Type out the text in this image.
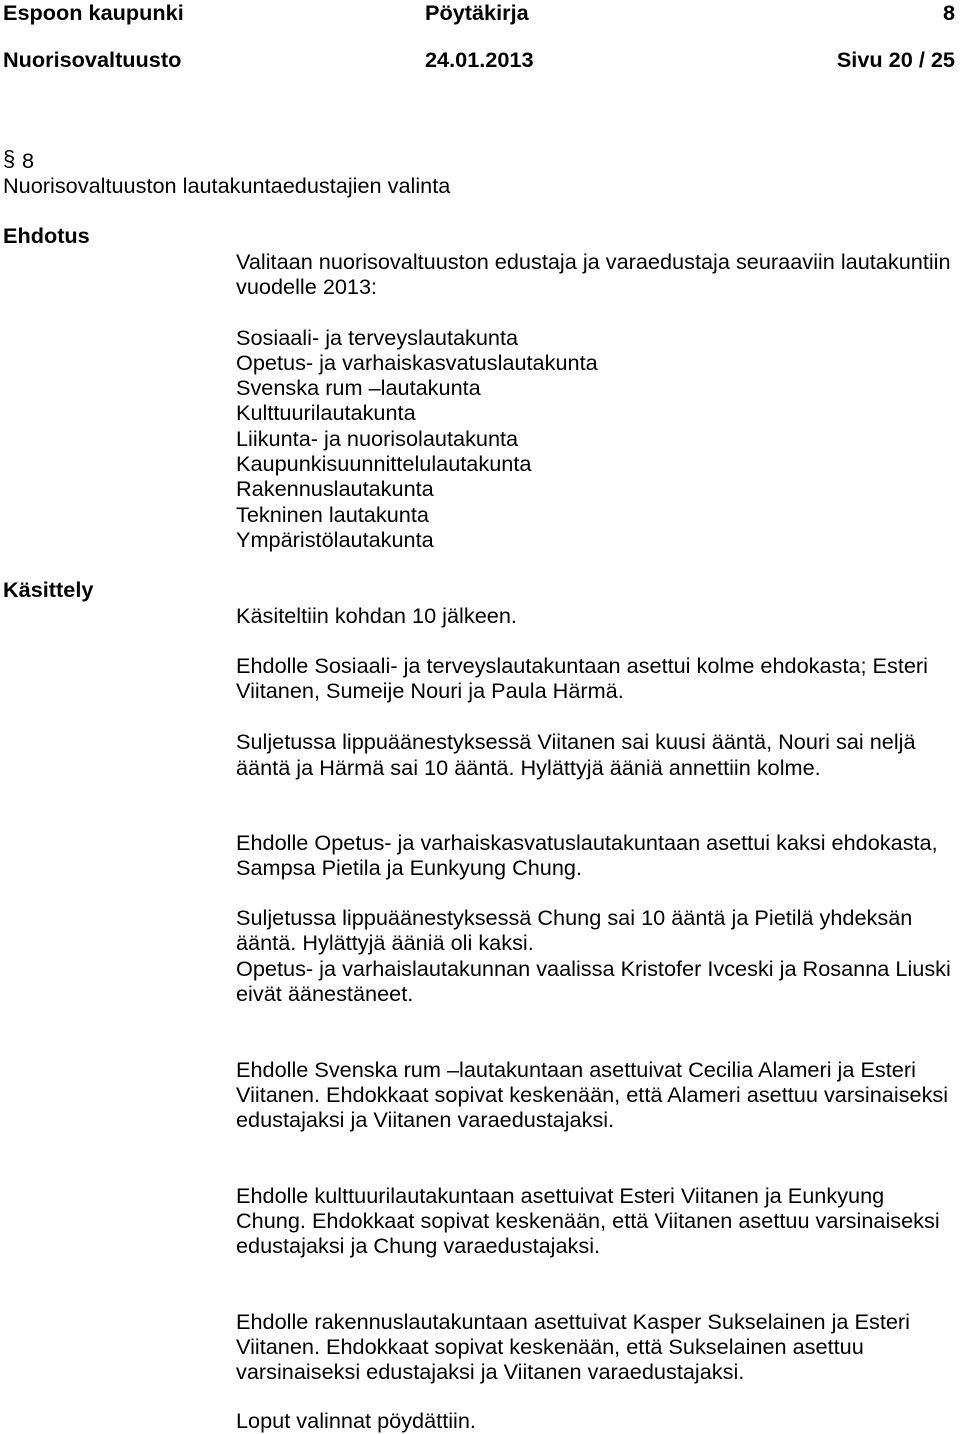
Espoon kaupunki	Pöytäkirja	8
Nuorisovaltuusto	24.01.2013	Sivu 20 / 25
§ 8
Nuorisovaltuuston lautakuntaedustajien valinta
Ehdotus
Valitaan nuorisovaltuuston edustaja ja varaedustaja seuraaviin lautakuntiin
vuodelle 2013:
Sosiaali- ja terveyslautakunta
Opetus- ja varhaiskasvatuslautakunta
Svenska rum –lautakunta
Kulttuurilautakunta
Liikunta- ja nuorisolautakunta
Kaupunkisuunnittelulautakunta
Rakennuslautakunta
Tekninen lautakunta
Ympäristölautakunta
Käsittely
Käsiteltiin kohdan 10 jälkeen.
Ehdolle Sosiaali- ja terveyslautakuntaan asettui kolme ehdokasta; Esteri
Viitanen, Sumeije Nouri ja Paula Härmä.
Suljetussa lippuäänestyksessä Viitanen sai kuusi ääntä, Nouri sai neljä
ääntä ja Härmä sai 10 ääntä. Hylättyjä ääniä annettiin kolme.
Ehdolle Opetus- ja varhaiskasvatuslautakuntaan asettui kaksi ehdokasta,
Sampsa Pietila ja Eunkyung Chung.
Suljetussa lippuäänestyksessä Chung sai 10 ääntä ja Pietilä yhdeksän
ääntä. Hylättyjä ääniä oli kaksi.
Opetus- ja varhaislautakunnan vaalissa Kristofer Ivceski ja Rosanna Liuski
eivät äänestäneet.
Ehdolle Svenska rum –lautakuntaan asettuivat Cecilia Alameri ja Esteri
Viitanen. Ehdokkaat sopivat keskenään, että Alameri asettuu varsinaiseksi
edustajaksi ja Viitanen varaedustajaksi.
Ehdolle kulttuurilautakuntaan asettuivat Esteri Viitanen ja Eunkyung
Chung. Ehdokkaat sopivat keskenään, että Viitanen asettuu varsinaiseksi
edustajaksi ja Chung varaedustajaksi.
Ehdolle rakennuslautakuntaan asettuivat Kasper Sukselainen ja Esteri
Viitanen. Ehdokkaat sopivat keskenään, että Sukselainen asettuu
varsinaiseksi edustajaksi ja Viitanen varaedustajaksi.
Loput valinnat pöydättiin.
